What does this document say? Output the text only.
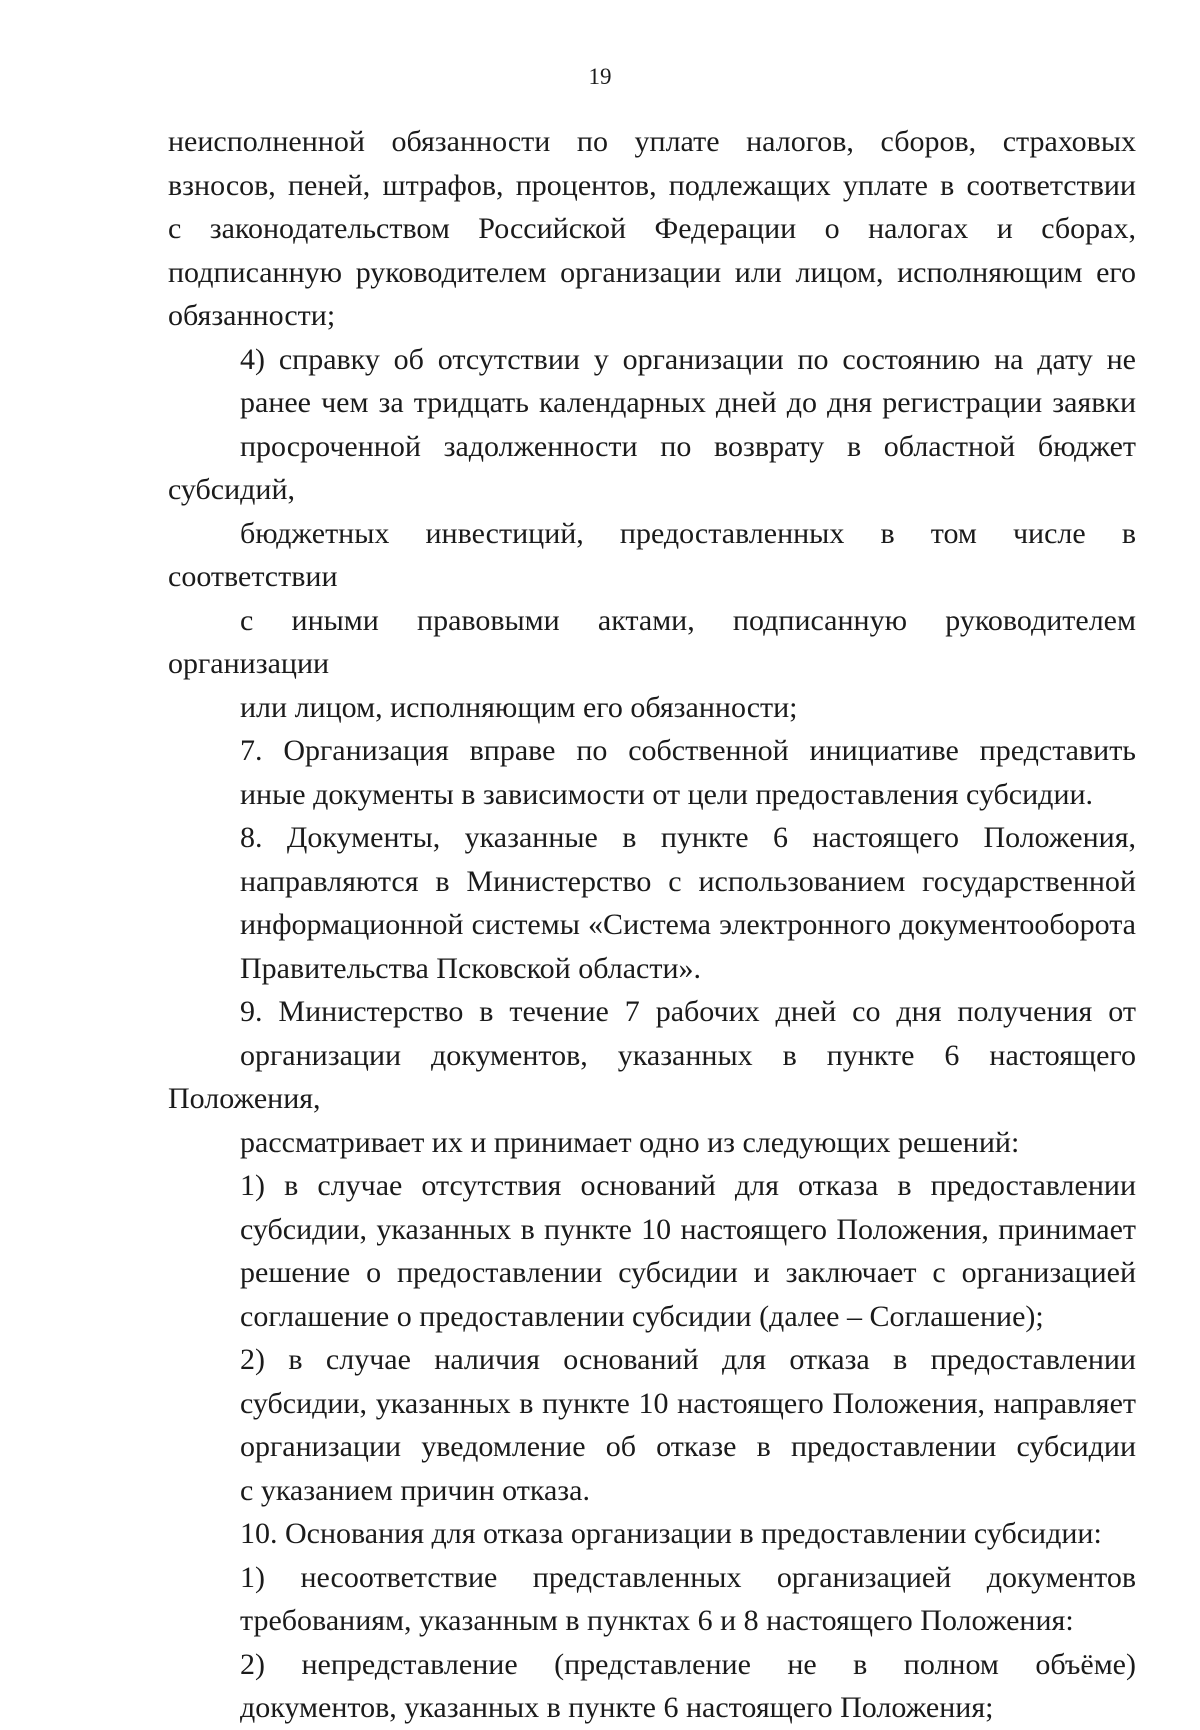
19

неисполненной обязанности по уплате налогов, сборов, страховых
взносов, пеней, штрафов, процентов, подлежащих уплате в соответствии
с законодательством Российской Федерации о налогах и сборах,
подписанную руководителем организации или лицом, исполняющим его
обязанности;

4) справку об отсутствии у организации по состоянию на дату не
ранее чем за тридцать календарных дней до дня регистрации заявки
просроченной задолженности по возврату в областной бюджет субсидий,
бюджетных инвестиций, предоставленных в том числе в соответствии
с иными правовыми актами, подписанную руководителем организации
или лицом, исполняющим его обязанности;

7. Организация вправе по собственной инициативе представить
иные документы в зависимости от цели предоставления субсидии.

8. Документы, указанные в пункте 6 настоящего Положения,
направляются в Министерство с использованием государственной
информационной системы «Система электронного документооборота
Правительства Псковской области».

9. Министерство в течение 7 рабочих дней со дня получения от
организации документов, указанных в пункте 6 настоящего Положения,
рассматривает их и принимает одно из следующих решений:

1) в случае отсутствия оснований для отказа в предоставлении
субсидии, указанных в пункте 10 настоящего Положения, принимает
решение о предоставлении субсидии и заключает с организацией
соглашение о предоставлении субсидии (далее – Соглашение);

2) в случае наличия оснований для отказа в предоставлении
субсидии, указанных в пункте 10 настоящего Положения, направляет
организации уведомление об отказе в предоставлении субсидии
с указанием причин отказа.

10. Основания для отказа организации в предоставлении субсидии:

1) несоответствие представленных организацией документов
требованиям, указанным в пунктах 6 и 8 настоящего Положения:

2) непредставление (представление не в полном объёме)
документов, указанных в пункте 6 настоящего Положения;
